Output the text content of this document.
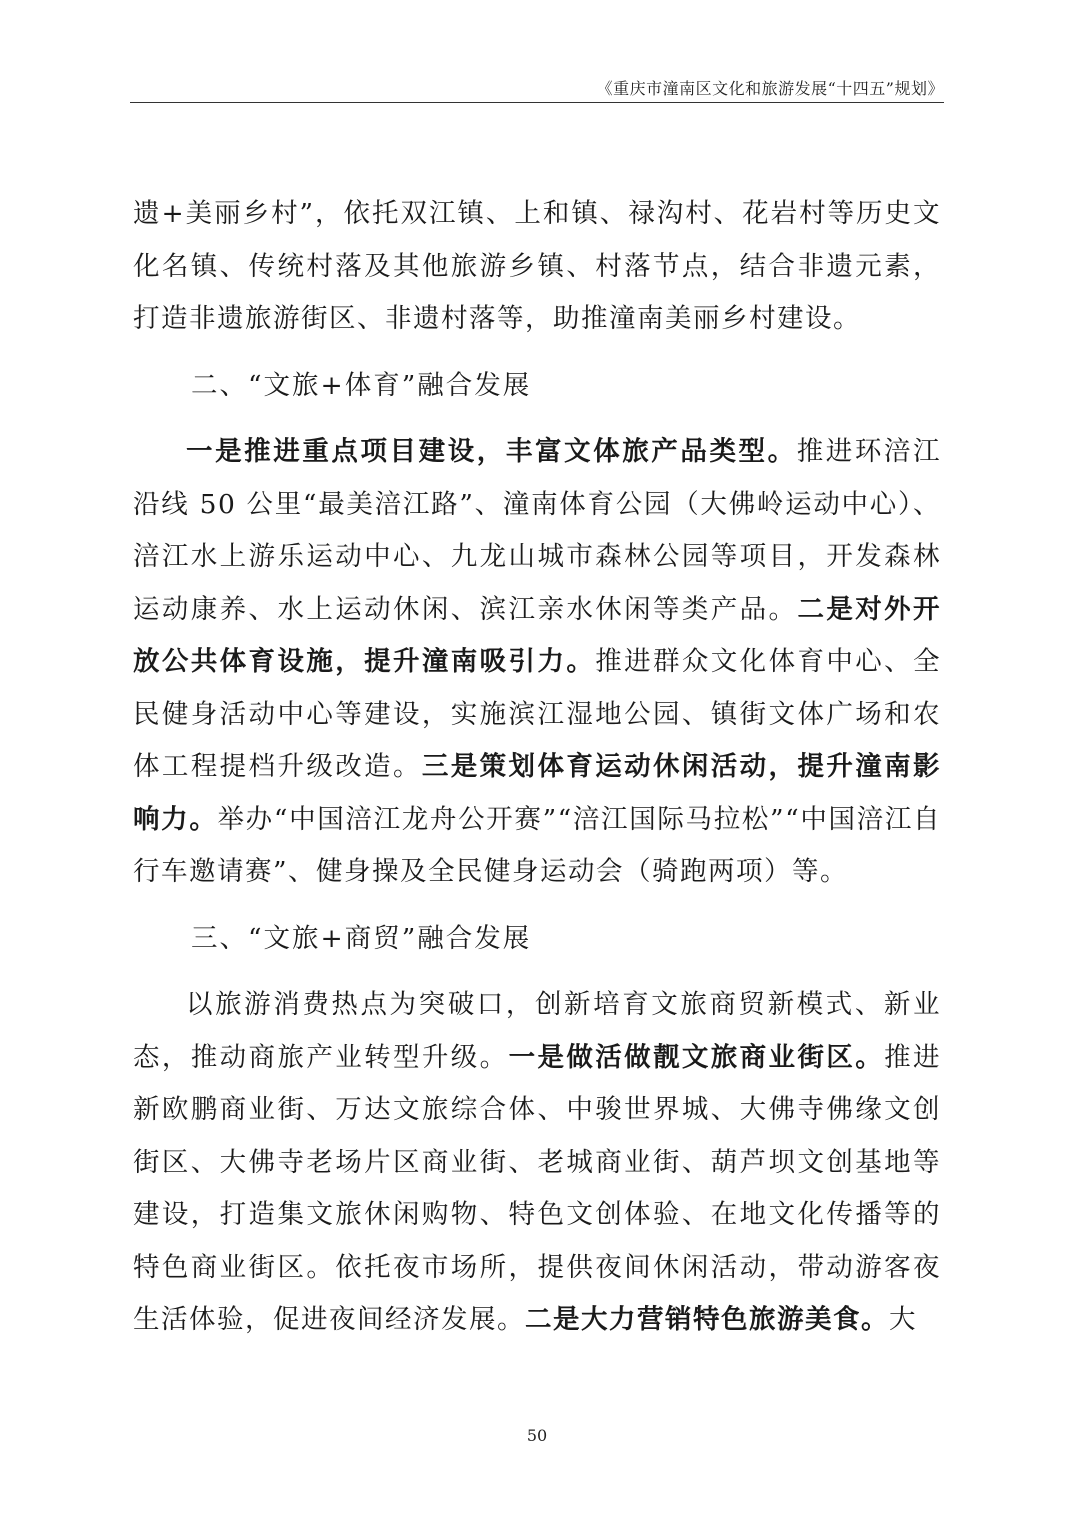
《重庆市潼南区文化和旅游发展“十四五”规划》

遗+美丽乡村”，依托双江镇、上和镇、禄沟村、花岩村等历史文化名镇、传统村落及其他旅游乡镇、村落节点，结合非遗元素，打造非遗旅游街区、非遗村落等，助推潼南美丽乡村建设。

二、“文旅+体育”融合发展

一是推进重点项目建设，丰富文体旅产品类型。推进环涪江沿线 50 公里“最美涪江路”、潼南体育公园（大佛岭运动中心）、涪江水上游乐运动中心、九龙山城市森林公园等项目，开发森林运动康养、水上运动休闲、滨江亲水休闲等类产品。二是对外开放公共体育设施，提升潼南吸引力。推进群众文化体育中心、全民健身活动中心等建设，实施滨江湿地公园、镇街文体广场和农体工程提档升级改造。三是策划体育运动休闲活动，提升潼南影响力。举办“中国涪江龙舟公开赛”“涪江国际马拉松”“中国涪江自行车邀请赛”、健身操及全民健身运动会（骑跑两项）等。

三、“文旅+商贸”融合发展

以旅游消费热点为突破口，创新培育文旅商贸新模式、新业态，推动商旅产业转型升级。一是做活做靓文旅商业街区。推进新欧鹏商业街、万达文旅综合体、中骏世界城、大佛寺佛缘文创街区、大佛寺老场片区商业街、老城商业街、葫芦坝文创基地等建设，打造集文旅休闲购物、特色文创体验、在地文化传播等的特色商业街区。依托夜市场所，提供夜间休闲活动，带动游客夜生活体验，促进夜间经济发展。二是大力营销特色旅游美食。大

50
